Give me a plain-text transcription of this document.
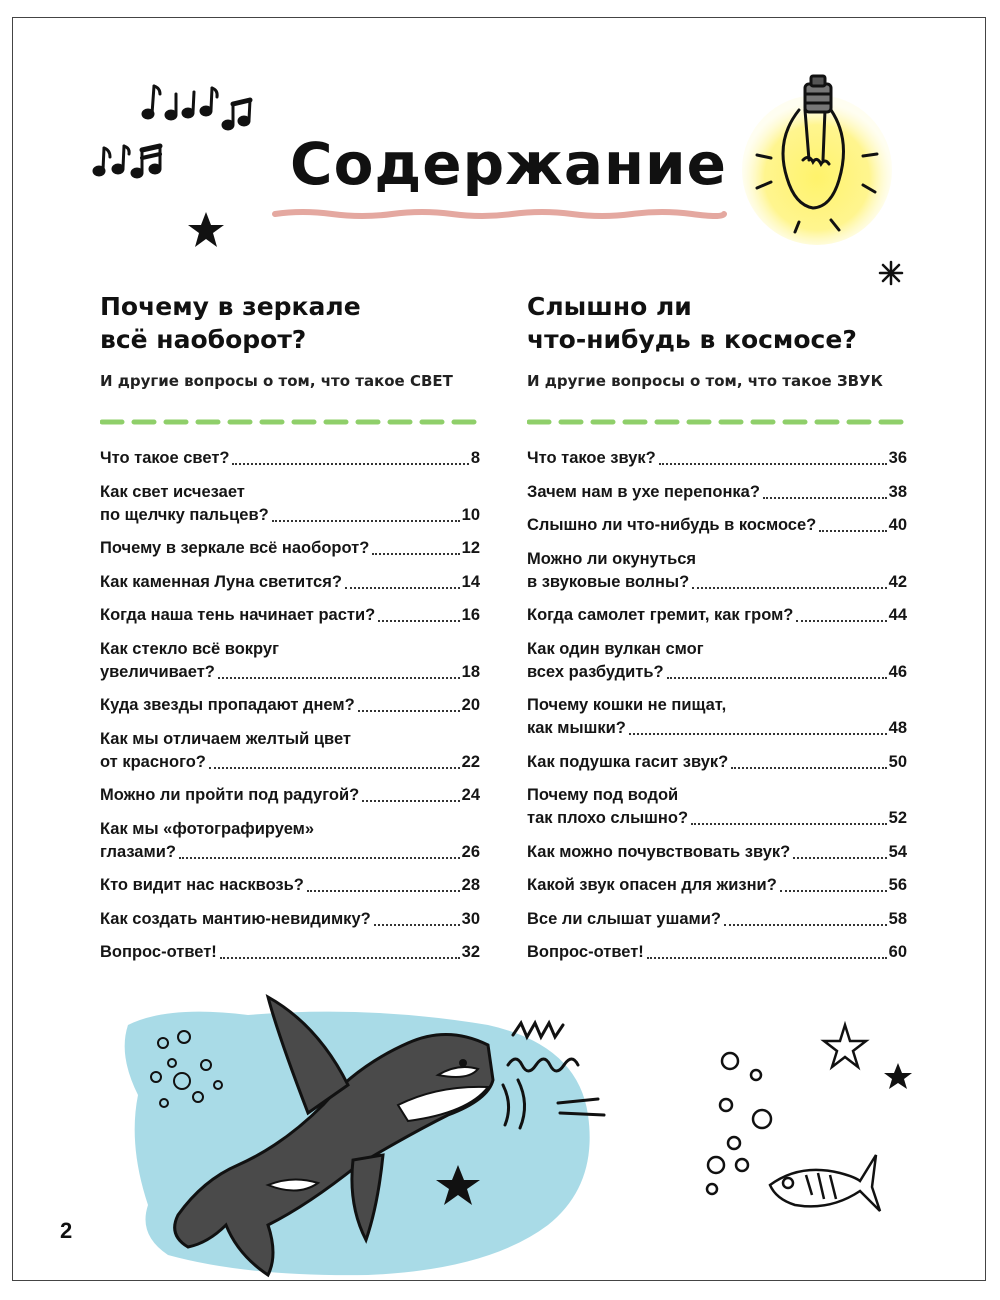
Содержание
Почему в зеркале
всё наоборот?
И другие вопросы о том, что такое СВЕТ
Что такое свет?	8
Как свет исчезает
по щелчку пальцев?	10
Почему в зеркале всё наоборот?	12
Как каменная Луна светится?	14
Когда наша тень начинает расти?	16
Как стекло всё вокруг
увеличивает?	18
Куда звезды пропадают днем?	20
Как мы отличаем желтый цвет
от красного?	22
Можно ли пройти под радугой?	24
Как мы «фотографируем»
глазами?	26
Кто видит нас насквозь?	28
Как создать мантию-невидимку?	30
Вопрос-ответ!	32
Слышно ли
что-нибудь в космосе?
И другие вопросы о том, что такое ЗВУК
Что такое звук?	36
Зачем нам в ухе перепонка?	38
Слышно ли что-нибудь в космосе?	40
Можно ли окунуться
в звуковые волны?	42
Когда самолет гремит, как гром?	44
Как один вулкан смог
всех разбудить?	46
Почему кошки не пищат,
как мышки?	48
Как подушка гасит звук?	50
Почему под водой
так плохо слышно?	52
Как можно почувствовать звук?	54
Какой звук опасен для жизни?	56
Все ли слышат ушами?	58
Вопрос-ответ!	60
2
